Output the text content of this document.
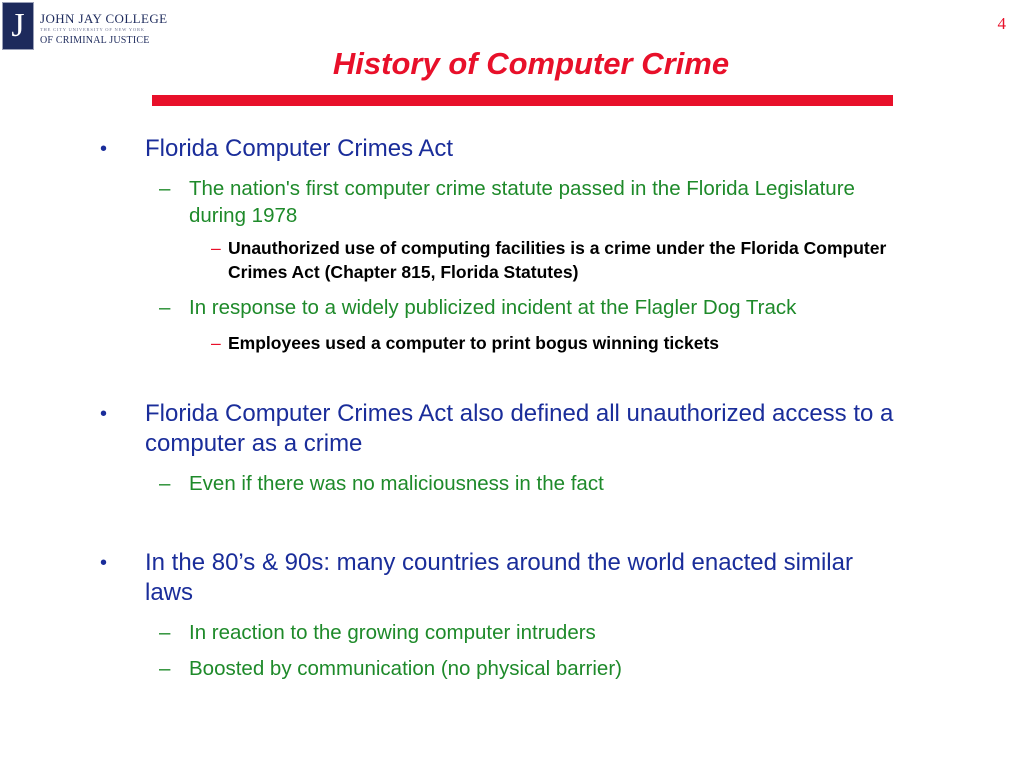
J	JOHN JAY COLLEGE
THE CITY UNIVERSITY OF NEW YORK
OF CRIMINAL JUSTICE
4
History of Computer Crime
• Florida Computer Crimes Act
– The nation's first computer crime statute passed in the Florida Legislature during 1978
– Unauthorized use of computing facilities is a crime under the Florida Computer Crimes Act (Chapter 815, Florida Statutes)
– In response to a widely publicized incident at the Flagler Dog Track
– Employees used a computer to print bogus winning tickets
• Florida Computer Crimes Act also defined all unauthorized access to a computer as a crime
– Even if there was no maliciousness in the fact
• In the 80’s & 90s: many countries around the world enacted similar laws
– In reaction to the growing computer intruders
– Boosted by communication (no physical barrier)
